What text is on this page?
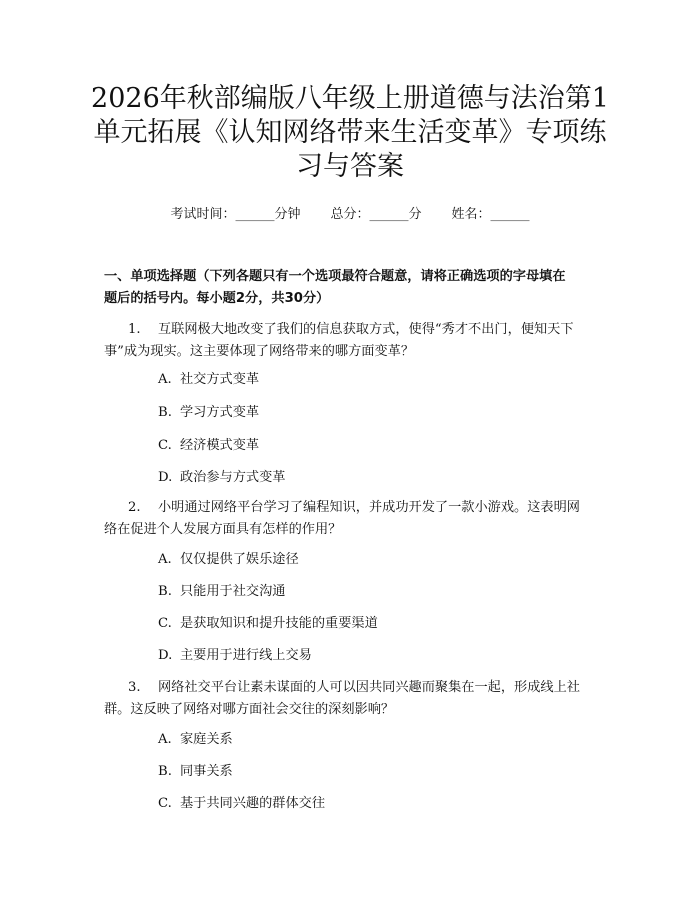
2026年秋部编版八年级上册道德与法治第1
单元拓展《认知网络带来生活变革》专项练
习与答案
考试时间：______分钟 总分：______分 姓名：______
一、单项选择题（下列各题只有一个选项最符合题意，请将正确选项的字母填在
题后的括号内。每小题2分，共30分）
1. 互联网极大地改变了我们的信息获取方式，使得“秀才不出门，便知天下
事”成为现实。这主要体现了网络带来的哪方面变革？
A. 社交方式变革
B. 学习方式变革
C. 经济模式变革
D. 政治参与方式变革
2. 小明通过网络平台学习了编程知识，并成功开发了一款小游戏。这表明网
络在促进个人发展方面具有怎样的作用？
A. 仅仅提供了娱乐途径
B. 只能用于社交沟通
C. 是获取知识和提升技能的重要渠道
D. 主要用于进行线上交易
3. 网络社交平台让素未谋面的人可以因共同兴趣而聚集在一起，形成线上社
群。这反映了网络对哪方面社会交往的深刻影响？
A. 家庭关系
B. 同事关系
C. 基于共同兴趣的群体交往
